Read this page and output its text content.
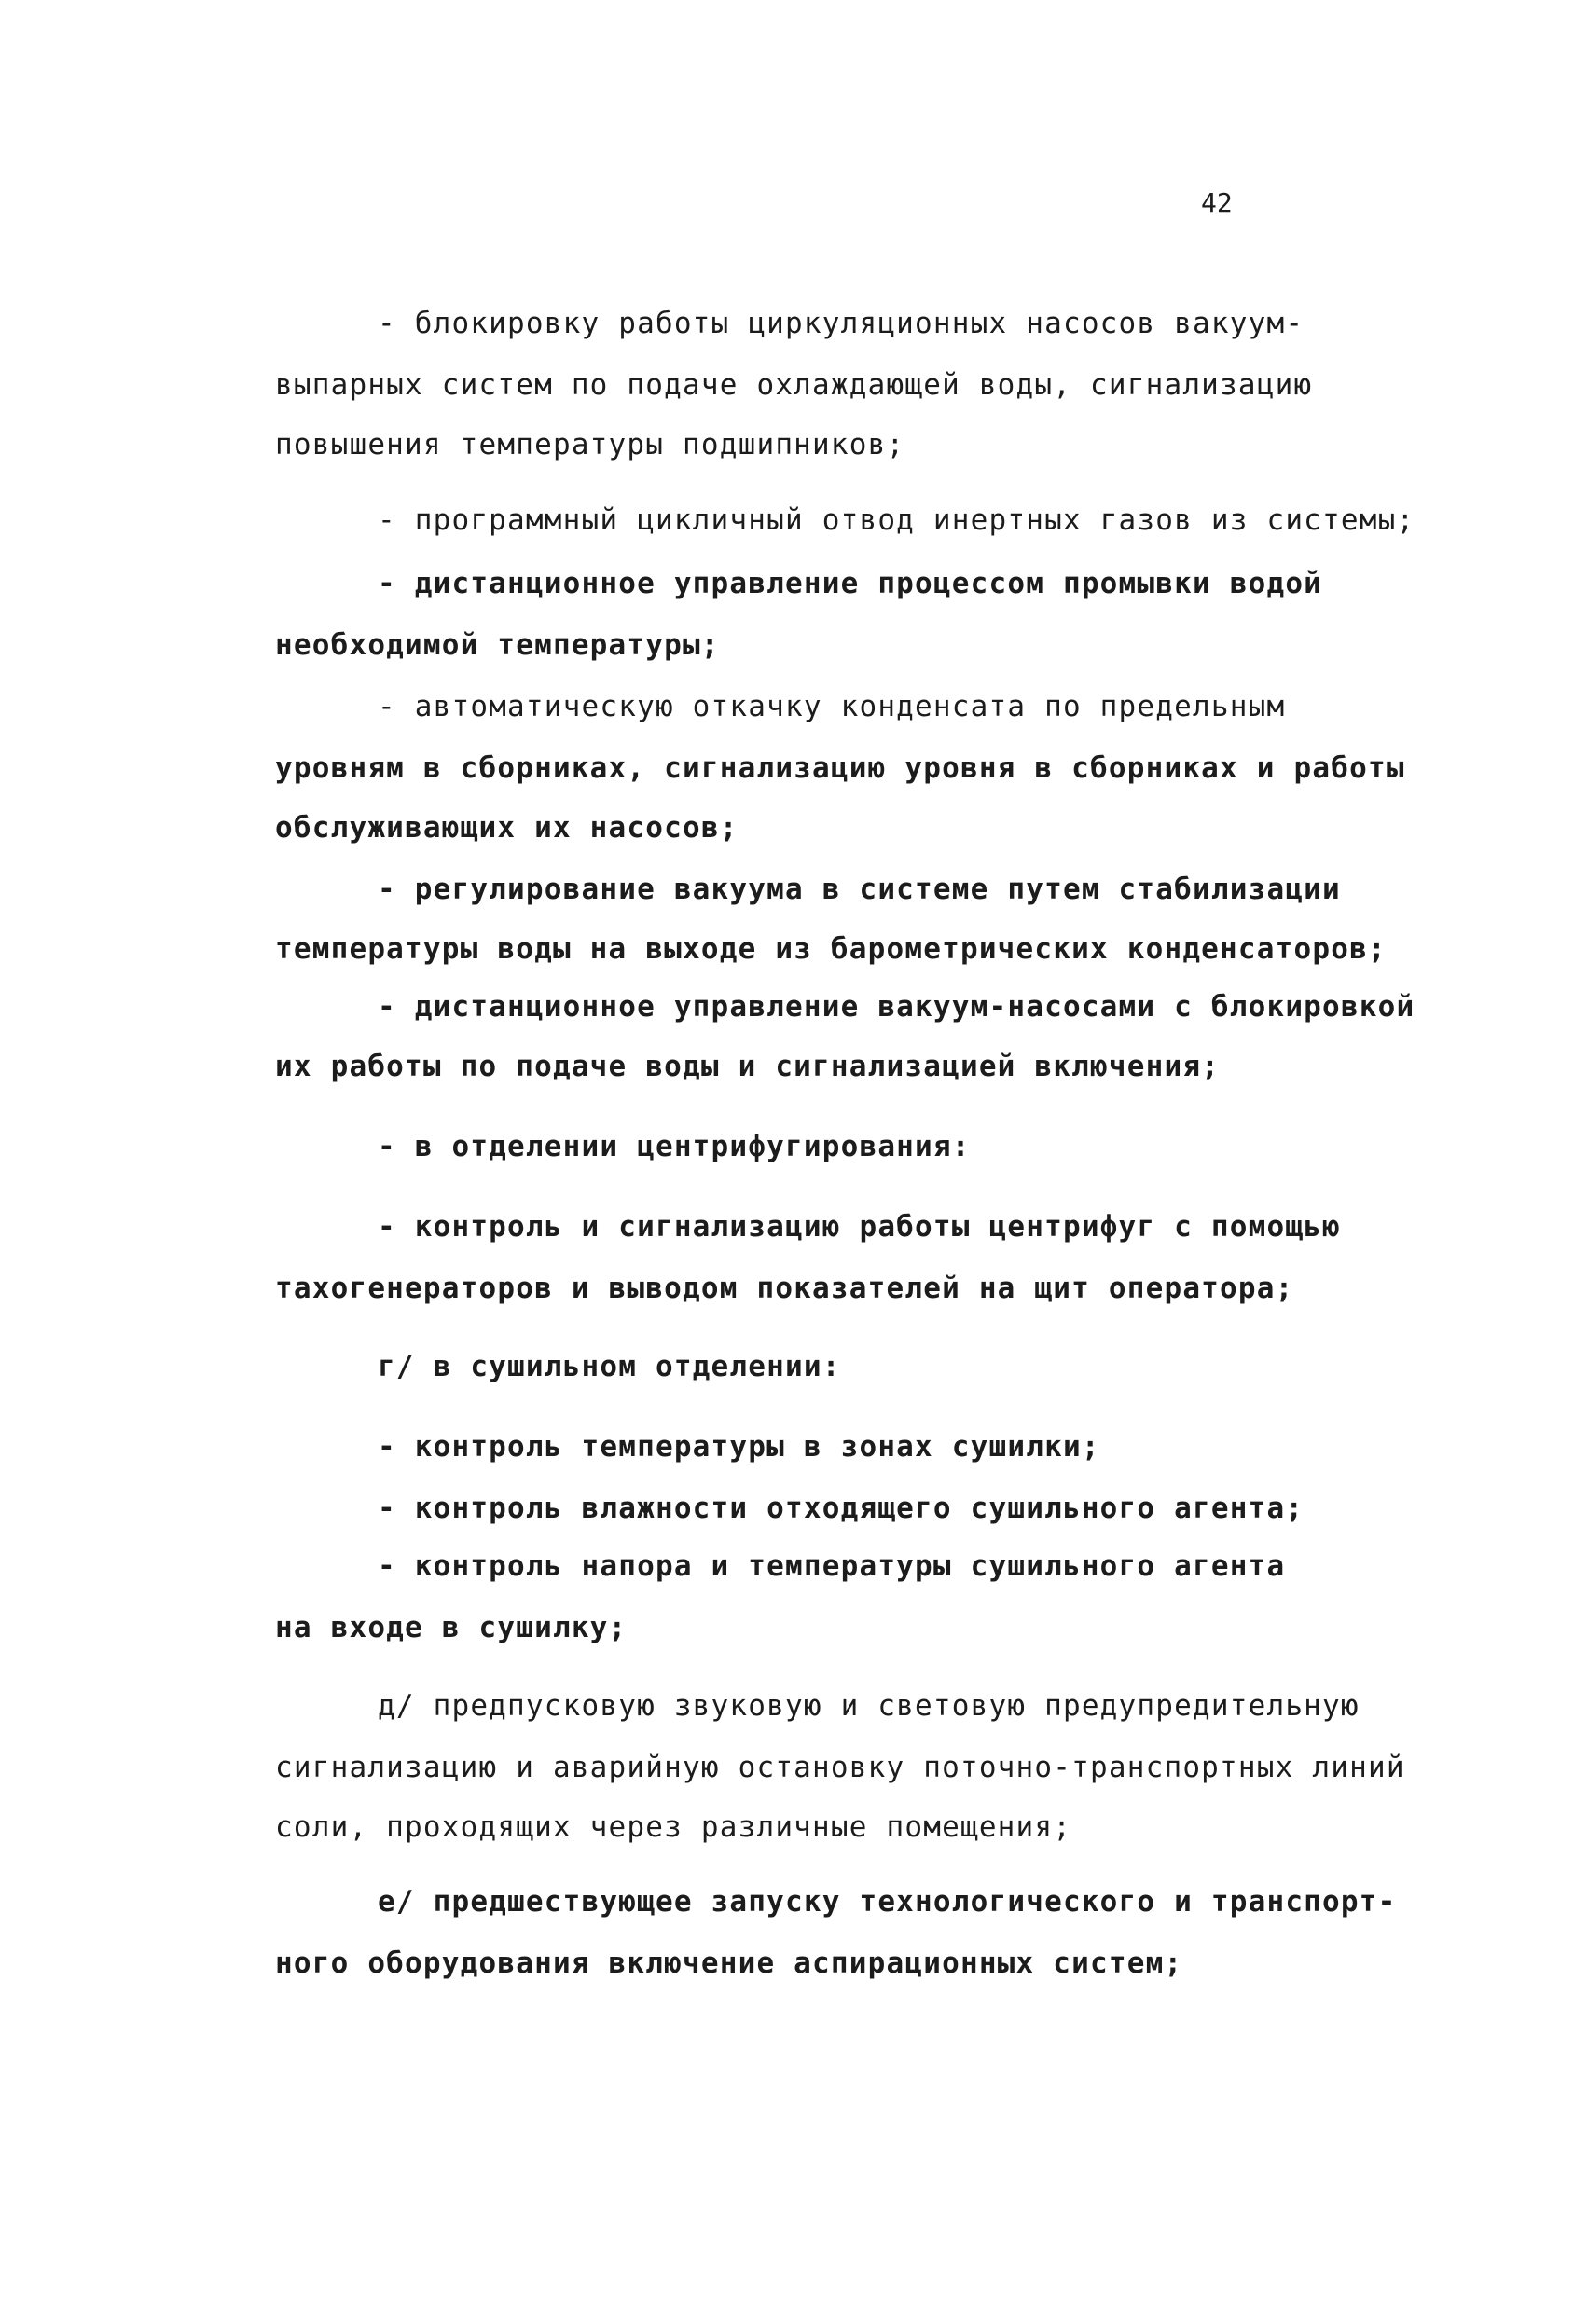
42
- блокировку работы циркуляционных насосов вакуум-
выпарных систем по подаче охлаждающей воды, сигнализацию
повышения температуры подшипников;
- программный цикличный отвод инертных газов из системы;
- дистанционное управление процессом промывки водой
необходимой температуры;
- автоматическую откачку конденсата по предельным
уровням в сборниках, сигнализацию уровня в сборниках и работы
обслуживающих их насосов;
- регулирование вакуума в системе путем стабилизации
температуры воды на выходе из барометрических конденсаторов;
- дистанционное управление вакуум-насосами с блокировкой
их работы по подаче воды и сигнализацией включения;
- в отделении центрифугирования:
- контроль и сигнализацию работы центрифуг с помощью
тахогенераторов и выводом показателей на щит оператора;
г/ в сушильном отделении:
- контроль температуры в зонах сушилки;
- контроль влажности отходящего сушильного агента;
- контроль напора и температуры сушильного агента
на входе в сушилку;
д/ предпусковую звуковую и световую предупредительную
сигнализацию и аварийную остановку поточно-транспортных линий
соли, проходящих через различные помещения;
е/ предшествующее запуску технологического и транспорт-
ного оборудования включение аспирационных систем;
